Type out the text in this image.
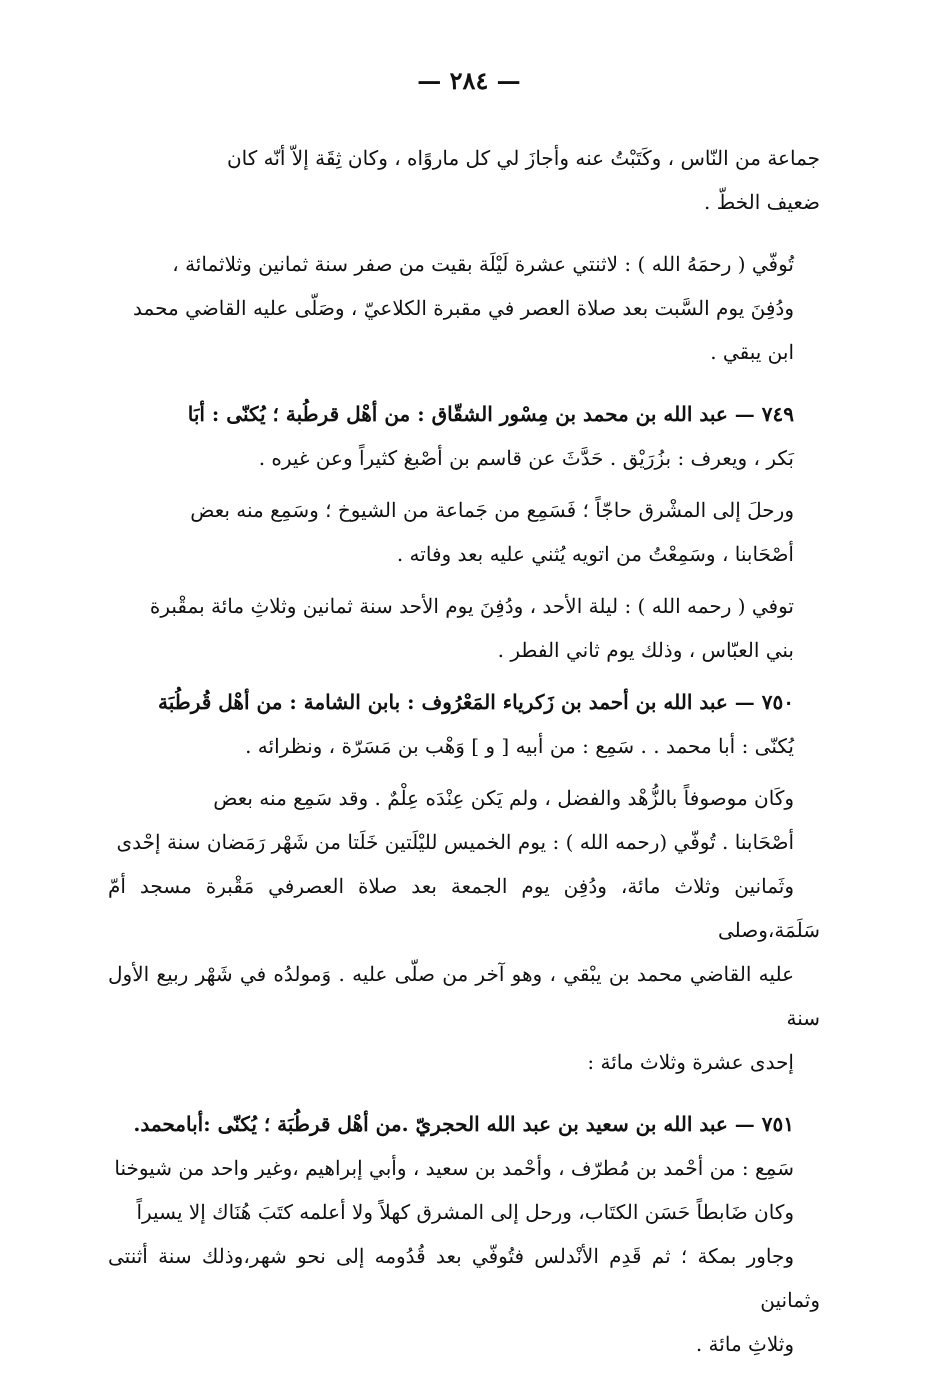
— ٢٨٤ —

جماعة من النّاس ، وكَتَبْتُ عنه وأجازَ لي كل ماروًاه ، وكان ثِقَة إلاّ أنّه كان
ضعيف الخطّ .

تُوفّي ( رحمَهُ الله ) : لاثنتي عشرة لَيْلَة بقيت من صفر سنة ثمانين وثلاثمائة ،
ودُفِنَ يوم السَّبت بعد صلاة العصر في مقبرة الكلاعيّ ، وصَلّى عليه القاضي محمد
ابن يبقي .

٧٤٩ — عبد الله بن محمد بن مِسْور الشقّاق : من أهْل قرطُبة ؛ يُكنّى : أبَا
بَكر ، ويعرف : بزُرَيْق . حَدَّثَ عن قاسم بن أصْبغ كثيراً وعن غيره .

ورحلَ إلى المشْرق حاجّاً ؛ فَسَمِع من جَماعة من الشيوخ ؛ وسَمِع منه بعض
أصْحَابنا ، وسَمِعْتُ من اتويه يُثني عليه بعد وفاته .

توفي ( رحمه الله ) : ليلة الأحد ، ودُفِنَ يوم الأحد سنة ثمانين وثلاثِ مائة بمقْبرة
بني العبّاس ، وذلك يوم ثاني الفطر .

٧٥٠ — عبد الله بن أحمد بن زَكرياء المَعْرُوف : بابن الشامة : من أهْل قُرطُبَة
يُكنّى : أبا محمد . . سَمِع : من أبيه [ و ] وَهْب بن مَسَرّة ، ونظرائه .

وكَان موصوفاً بالزُّهْد والفضل ، ولم يَكن عِنْدَه عِلْمٌ . وقد سَمِع منه بعض
أصْحَابنا . تُوفّي (رحمه الله ) : يوم الخميس لليْلَتين خَلَتا من شَهْر رَمَضان سنة إحْدى
وثَمانين وثلاث مائة، ودُفِن يوم الجمعة بعد صلاة العصرفي مَقْبرة مسجد أمّ سَلَمَة،وصلى
عليه القاضي محمد بن يبْقي ، وهو آخر من صلّى عليه . وَمولدُه في شَهْر ربيع الأول سنة
إحدى عشرة وثلاث مائة :

٧٥١ — عبد الله بن سعيد بن عبد الله الحجريّ .من أهْل قرطُبَة ؛ يُكنّى :أبامحمد.
سَمِع : من أحْمد بن مُطرّف ، وأحْمد بن سعيد ، وأبي إبراهيم ،وغير واحد من شيوخنا
وكان ضَابطاً حَسَن الكتَاب، ورحل إلى المشرق كهلاً ولا أعلمه كتَبَ هُنَاك إلا يسيراً
وجاور بمكة ؛ ثم قَدِم الأنْدلس فتُوفّي بعد قُدُومه إلى نحو شهر،وذلك سنة أثنتى وثمانين
وثلاثِ مائة .
